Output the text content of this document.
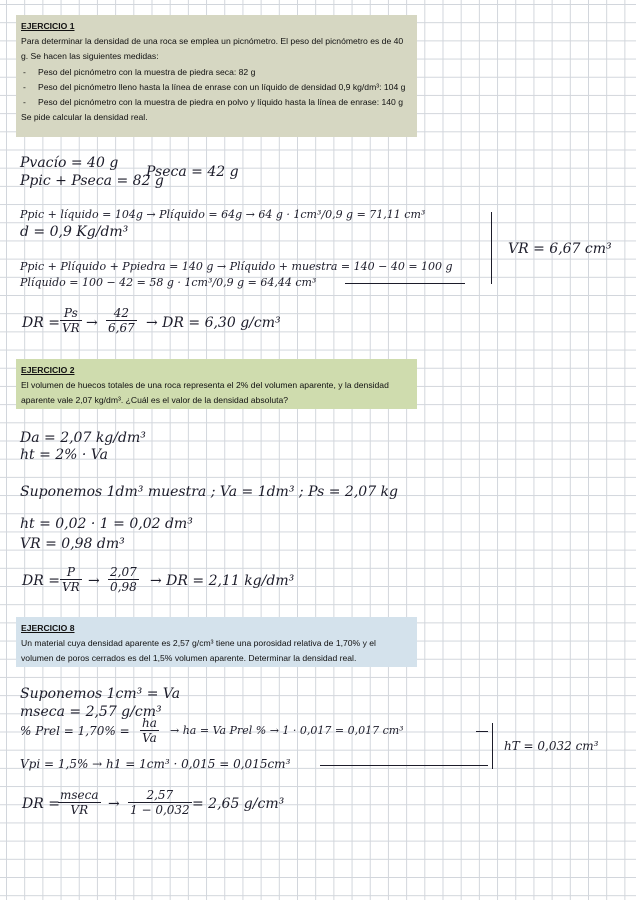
EJERCICIO 1

Para determinar la densidad de una roca se emplea un picnómetro. El peso del picnómetro es de 40

g. Se hacen las siguientes medidas:

- Peso del picnómetro con la muestra de piedra seca: 82 g
- Peso del picnómetro lleno hasta la línea de enrase con un líquido de densidad 0,9 kg/dm³: 104 g
- Peso del picnómetro con la muestra de piedra en polvo y líquido hasta la línea de enrase: 140 g

Se pide calcular la densidad real.

EJERCICIO 2

El volumen de huecos totales de una roca representa el 2% del volumen aparente, y la densidad

aparente vale 2,07 kg/dm³. ¿Cuál es el valor de la densidad absoluta?

EJERCICIO 8

Un material cuya densidad aparente es 2,57 g/cm³ tiene una porosidad relativa de 1,70% y el

volumen de poros cerrados es del 1,5% volumen aparente. Determinar la densidad real.

Pvacío = 40 g
Ppic + Pseca = 82 g
Pseca = 42 g
Ppic + líquido = 104g → Plíquido = 64g → 64 g · 1cm³/0,9 g = 71,11 cm³
d = 0,9 Kg/dm³
Ppic + Plíquido + Ppiedra = 140 g → Plíquido + muestra = 140 − 40 = 100 g
Plíquido = 100 − 42 = 58 g · 1cm³/0,9 g = 64,44 cm³
VR = 6,67 cm³
DR = $\frac{Ps}{VR} \to \frac{42}{6,67}$ → DR = 6,30 g/cm³
Da = 2,07 kg/dm³
ht = 2% · Va
Suponemos 1dm³ muestra ; Va = 1dm³ ; Ps = 2,07 kg
ht = 0,02 · 1 = 0,02 dm³
VR = 0,98 dm³
DR = $\frac{P}{VR} \to \frac{2,07}{0,98}$ → DR = 2,11 kg/dm³
Suponemos 1cm³ = Va
mseca = 2,57 g/cm³
% Prel = $1,70\% = \frac{ha}{Va}$ → ha = Va Prel % → 1 · 0,017 = 0,017 cm³
Vpi = 1,5% → h1 = 1cm³ · 0,015 = 0,015cm³
hT = 0,032 cm³
DR =
mseca
VR	→ $\frac{2,57}{1 - 0,032} = 2,65$ g/cm³
